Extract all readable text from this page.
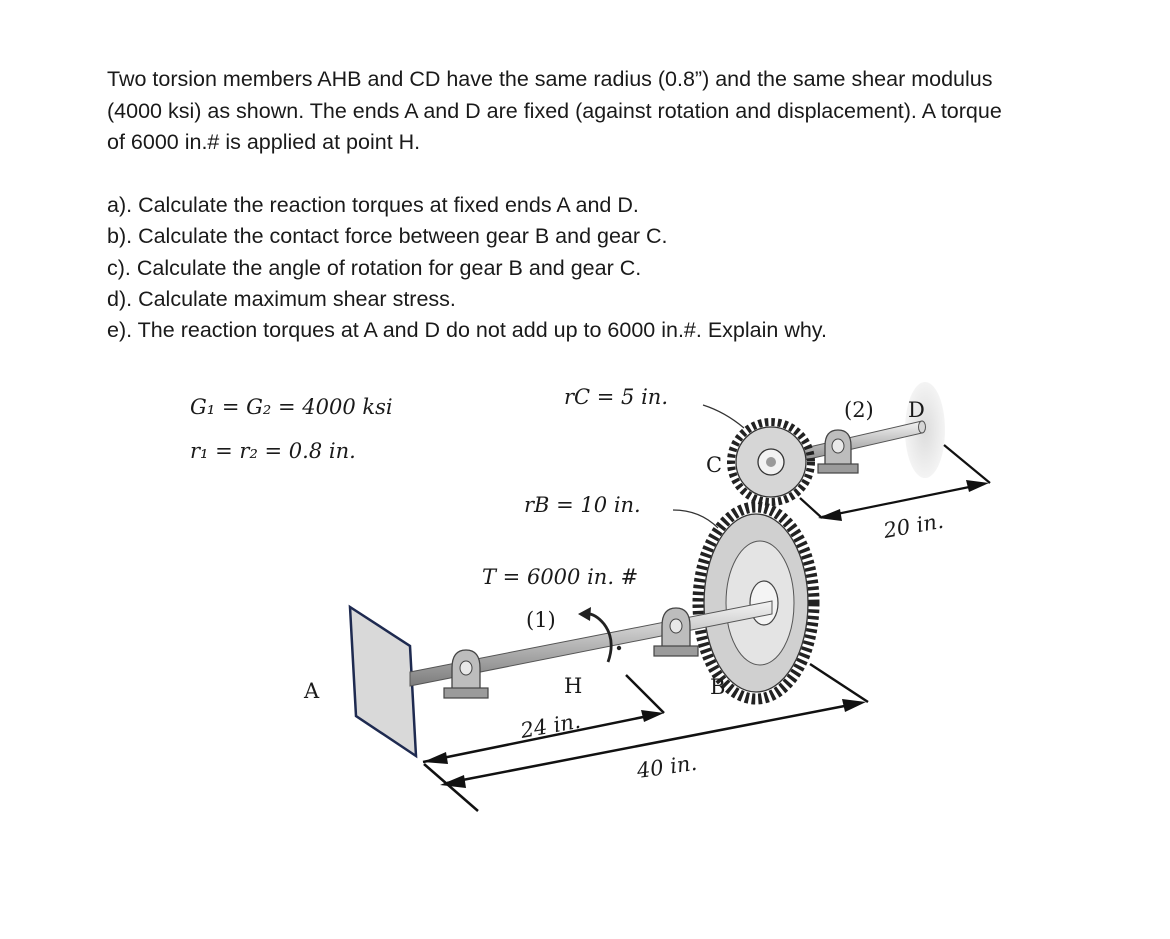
Two torsion members AHB and CD have the same radius (0.8”) and the same shear modulus
(4000 ksi) as shown. The ends A and D are fixed (against rotation and displacement). A torque
of 6000 in.# is applied at point H.

a). Calculate the reaction torques at fixed ends A and D.
b). Calculate the contact force between gear B and gear C.
c). Calculate the angle of rotation for gear B and gear C.
d). Calculate maximum shear stress.
e). The reaction torques at A and D do not add up to 6000 in.#. Explain why.
G₁ = G₂ = 4000 ksi
r₁ = r₂ = 0.8 in.
rC = 5 in.
rB = 10 in.
T = 6000 in. #
(1)
(2)
A	B
C
D
H
24 in.
40 in.
20 in.
